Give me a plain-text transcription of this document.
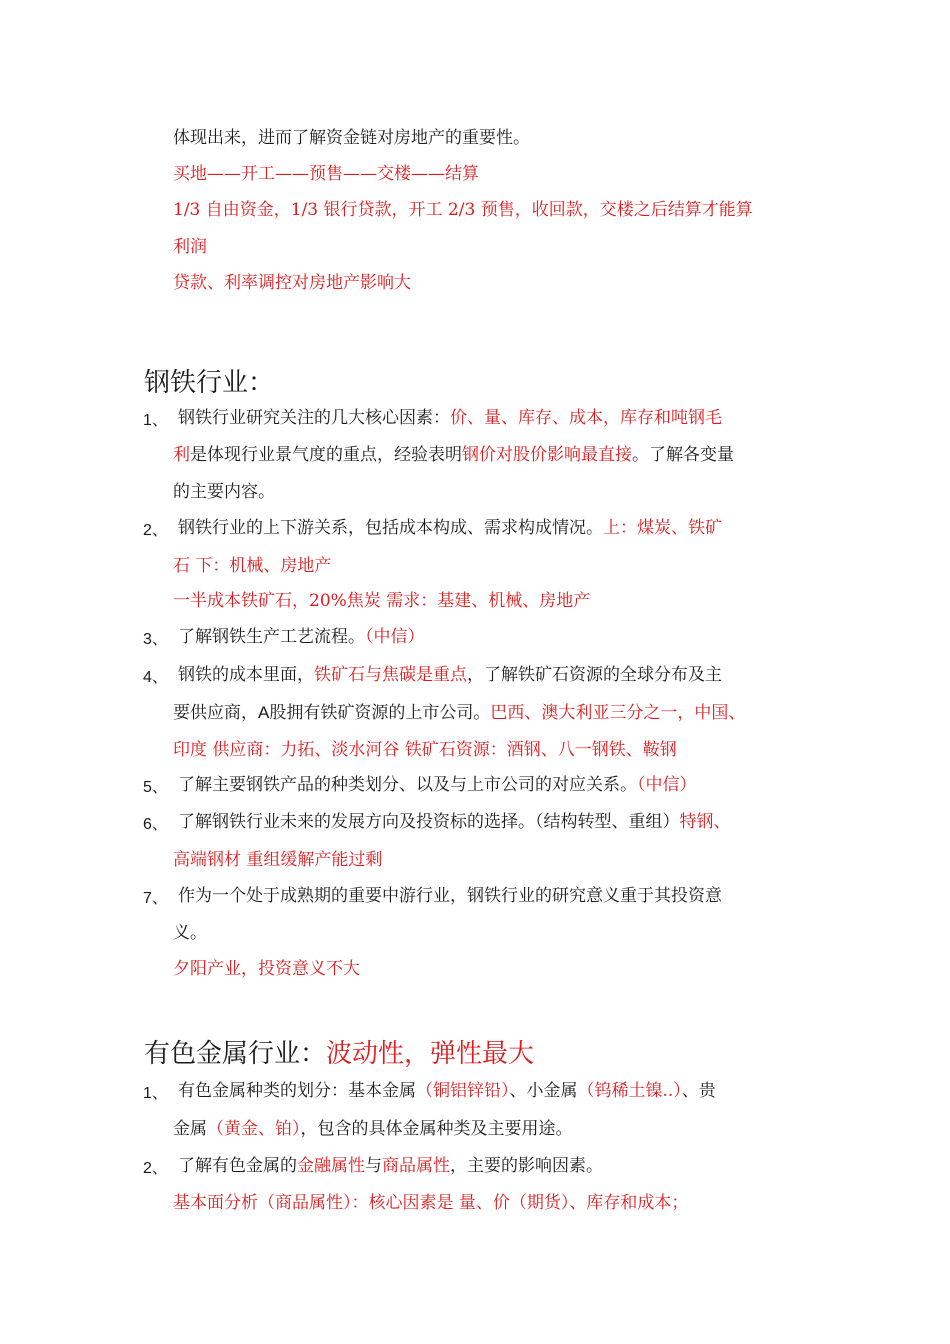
体现出来，进而了解资金链对房地产的重要性。
买地——开工——预售——交楼——结算
1/3 自由资金，1/3 银行贷款，开工 2/3 预售，收回款，交楼之后结算才能算
利润
贷款、利率调控对房地产影响大
钢铁行业：
1、 钢铁行业研究关注的几大核心因素：价、量、库存、成本，库存和吨钢毛
利是体现行业景气度的重点，经验表明钢价对股价影响最直接。了解各变量
的主要内容。
2、 钢铁行业的上下游关系，包括成本构成、需求构成情况。上：煤炭、铁矿
石 下：机械、房地产
一半成本铁矿石，20%焦炭 需求：基建、机械、房地产
3、 了解钢铁生产工艺流程。（中信）
4、 钢铁的成本里面，铁矿石与焦碳是重点，了解铁矿石资源的全球分布及主
要供应商，A股拥有铁矿资源的上市公司。巴西、澳大利亚三分之一，中国、
印度 供应商：力拓、淡水河谷 铁矿石资源：酒钢、八一钢铁、鞍钢
5、 了解主要钢铁产品的种类划分、以及与上市公司的对应关系。（中信）
6、 了解钢铁行业未来的发展方向及投资标的选择。（结构转型、重组）特钢、
高端钢材 重组缓解产能过剩
7、 作为一个处于成熟期的重要中游行业，钢铁行业的研究意义重于其投资意
义。
夕阳产业，投资意义不大
有色金属行业：波动性，弹性最大
1、 有色金属种类的划分：基本金属（铜铝锌铅）、小金属（钨稀土镍..）、贵
金属（黄金、铂），包含的具体金属种类及主要用途。
2、 了解有色金属的金融属性与商品属性，主要的影响因素。
基本面分析（商品属性）：核心因素是 量、价（期货）、库存和成本；
